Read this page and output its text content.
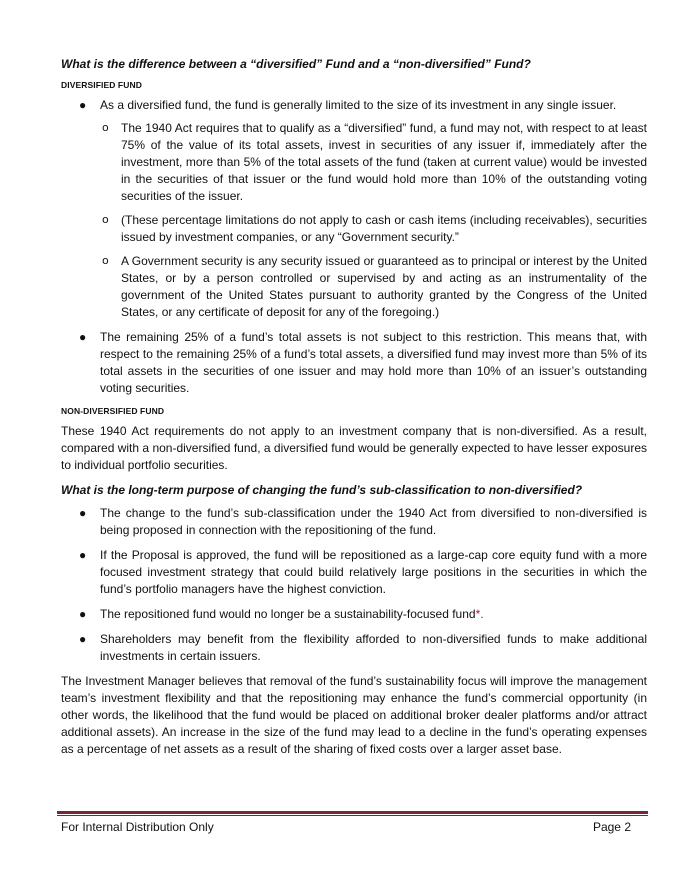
What is the difference between a “diversified” Fund and a “non-diversified” Fund?

DIVERSIFIED FUND

● As a diversified fund, the fund is generally limited to the size of its investment in any single issuer.
o The 1940 Act requires that to qualify as a “diversified” fund, a fund may not, with respect to at least 75% of the value of its total assets, invest in securities of any issuer if, immediately after the investment, more than 5% of the total assets of the fund (taken at current value) would be invested in the securities of that issuer or the fund would hold more than 10% of the outstanding voting securities of the issuer.
o (These percentage limitations do not apply to cash or cash items (including receivables), securities issued by investment companies, or any “Government security.”
o A Government security is any security issued or guaranteed as to principal or interest by the United States, or by a person controlled or supervised by and acting as an instrumentality of the government of the United States pursuant to authority granted by the Congress of the United States, or any certificate of deposit for any of the foregoing.)
● The remaining 25% of a fund’s total assets is not subject to this restriction. This means that, with respect to the remaining 25% of a fund’s total assets, a diversified fund may invest more than 5% of its total assets in the securities of one issuer and may hold more than 10% of an issuer’s outstanding voting securities.

NON-DIVERSIFIED FUND

These 1940 Act requirements do not apply to an investment company that is non-diversified. As a result, compared with a non-diversified fund, a diversified fund would be generally expected to have lesser exposures to individual portfolio securities.

What is the long-term purpose of changing the fund’s sub-classification to non-diversified?

● The change to the fund’s sub-classification under the 1940 Act from diversified to non-diversified is being proposed in connection with the repositioning of the fund.
● If the Proposal is approved, the fund will be repositioned as a large-cap core equity fund with a more focused investment strategy that could build relatively large positions in the securities in which the fund’s portfolio managers have the highest conviction.
● The repositioned fund would no longer be a sustainability-focused fund*.
● Shareholders may benefit from the flexibility afforded to non-diversified funds to make additional investments in certain issuers.

The Investment Manager believes that removal of the fund’s sustainability focus will improve the management team’s investment flexibility and that the repositioning may enhance the fund’s commercial opportunity (in other words, the likelihood that the fund would be placed on additional broker dealer platforms and/or attract additional assets). An increase in the size of the fund may lead to a decline in the fund’s operating expenses as a percentage of net assets as a result of the sharing of fixed costs over a larger asset base.

For Internal Distribution Only	Page 2
